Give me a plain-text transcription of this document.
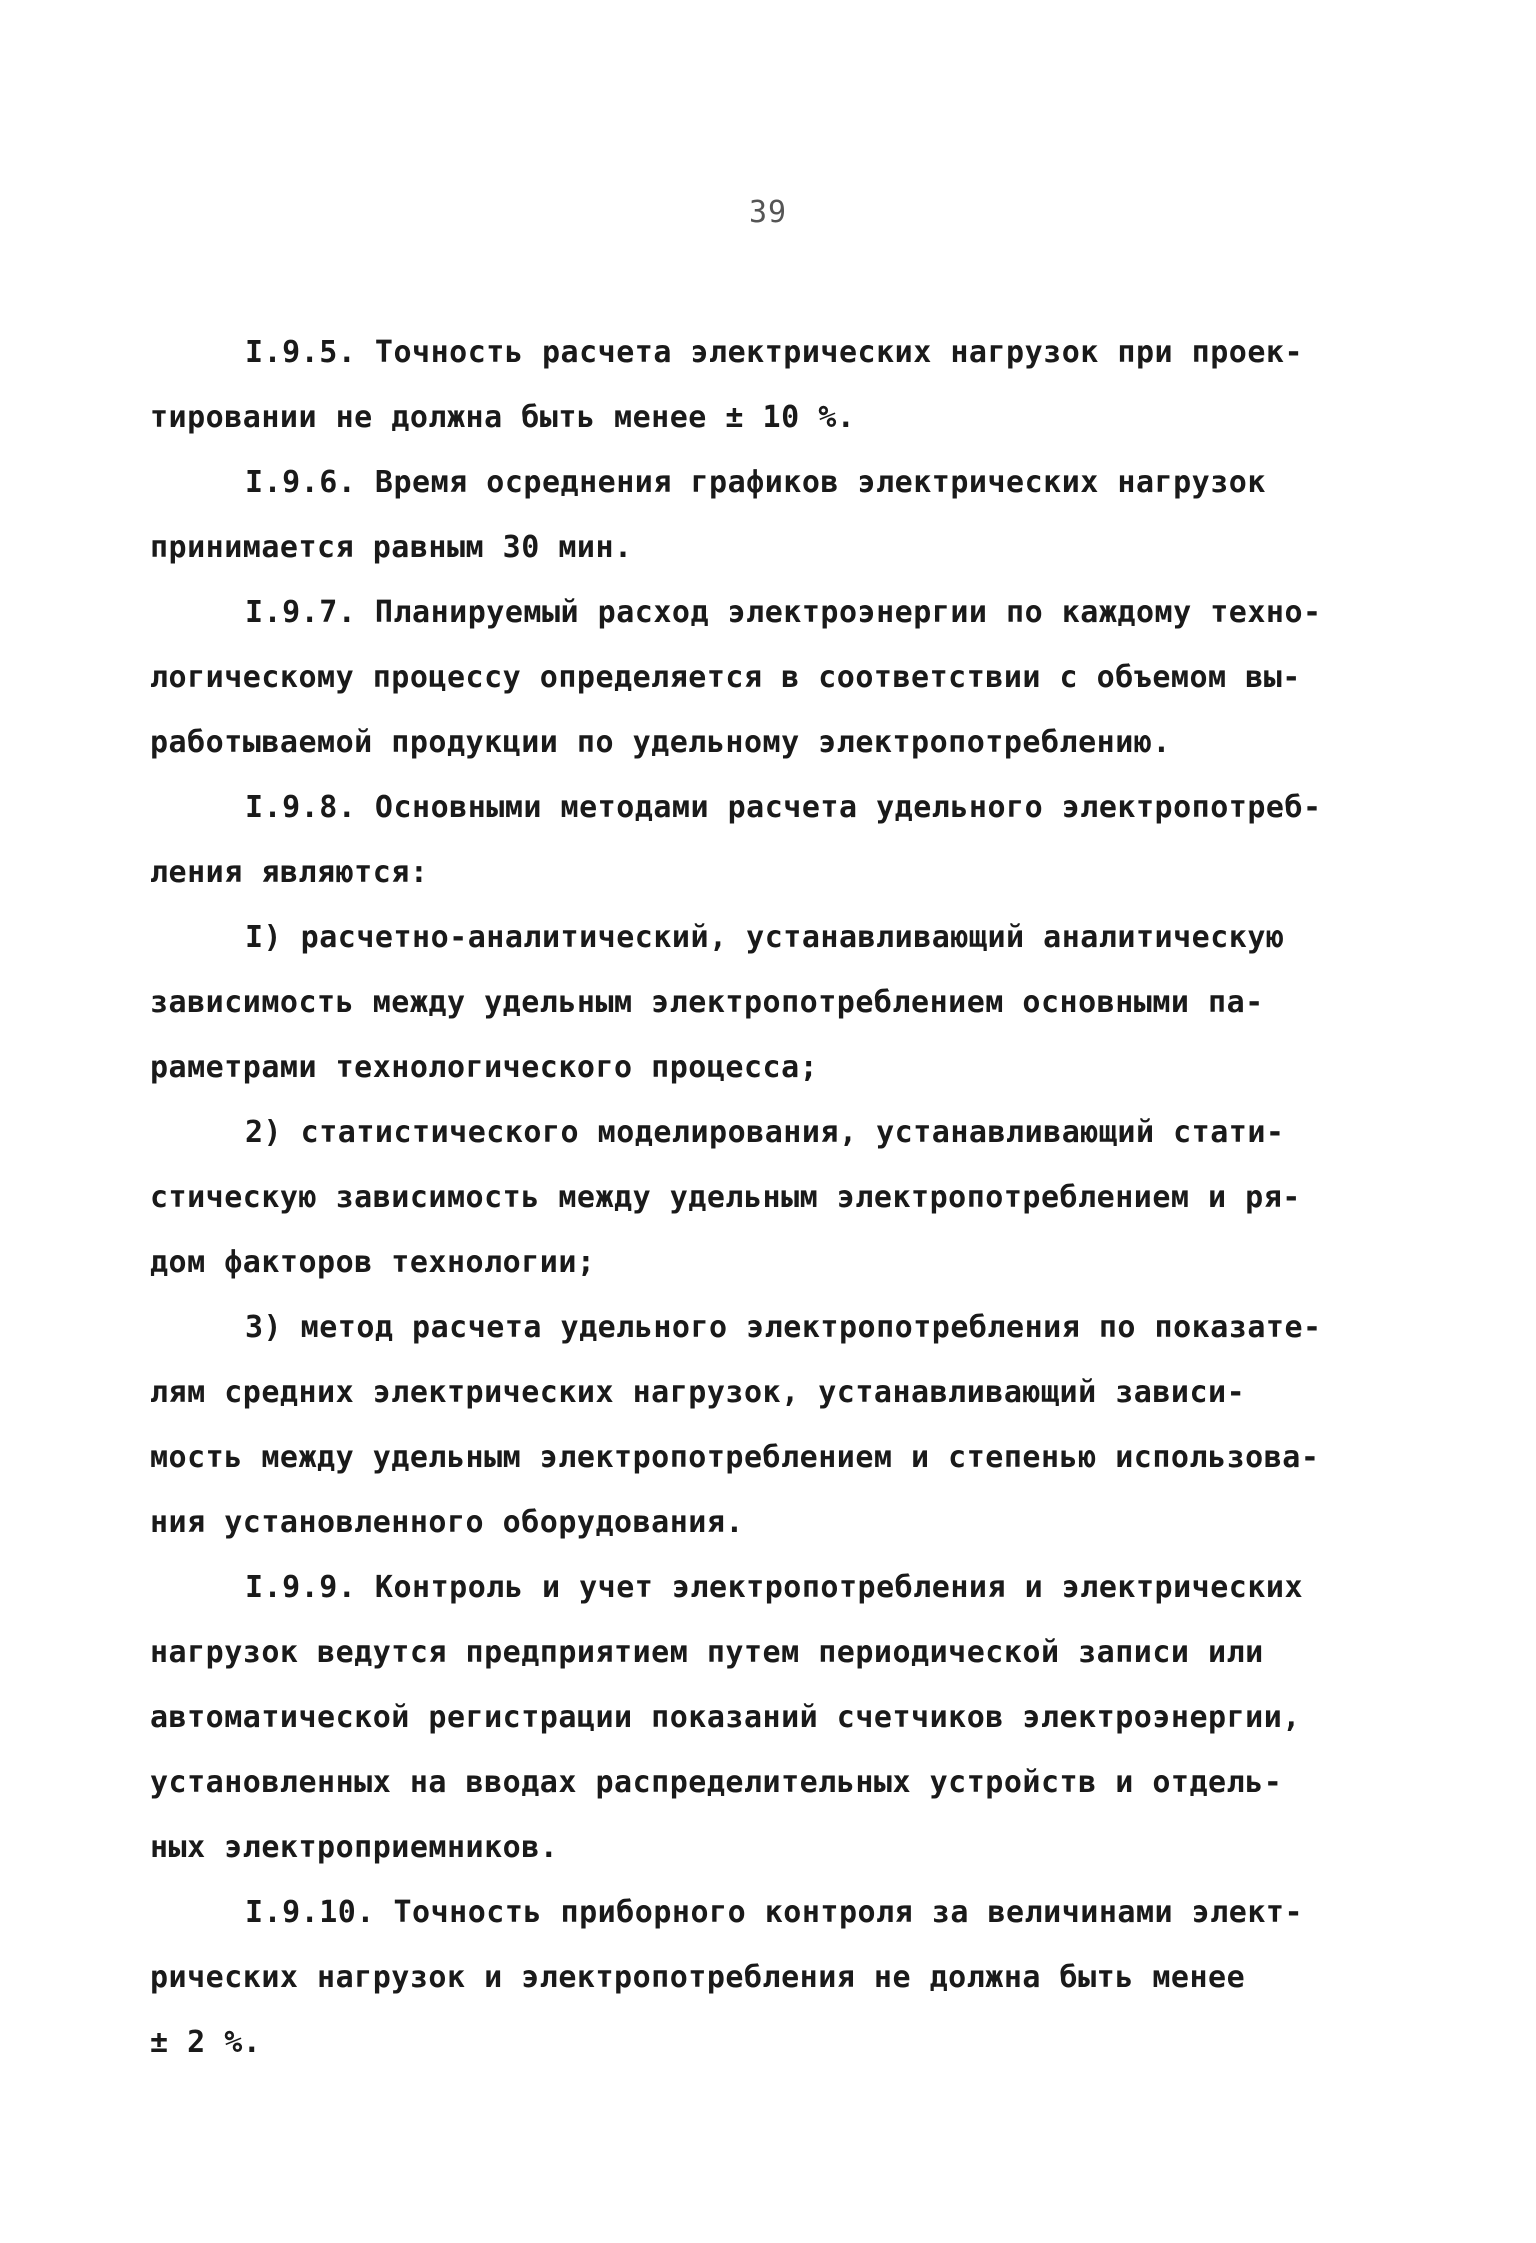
39
I.9.5. Точность расчета электрических нагрузок при проек-
тировании не должна быть менее ± 10 %.
I.9.6. Время осреднения графиков электрических нагрузок
принимается равным 30 мин.
I.9.7. Планируемый расход электроэнергии по каждому техно-
логическому процессу определяется в соответствии с объемом вы-
работываемой продукции по удельному электропотреблению.
I.9.8. Основными методами расчета удельного электропотреб-
ления являются:
I) расчетно-аналитический, устанавливающий аналитическую
зависимость между удельным электропотреблением основными па-
раметрами технологического процесса;
2) статистического моделирования, устанавливающий стати-
стическую зависимость между удельным электропотреблением и ря-
дом факторов технологии;
3) метод расчета удельного электропотребления по показате-
лям средних электрических нагрузок, устанавливающий зависи-
мость между удельным электропотреблением и степенью использова-
ния установленного оборудования.
I.9.9. Контроль и учет электропотребления и электрических
нагрузок ведутся предприятием путем периодической записи или
автоматической регистрации показаний счетчиков электроэнергии,
установленных на вводах распределительных устройств и отдель-
ных электроприемников.
I.9.10. Точность приборного контроля за величинами элект-
рических нагрузок и электропотребления не должна быть менее
± 2 %.
